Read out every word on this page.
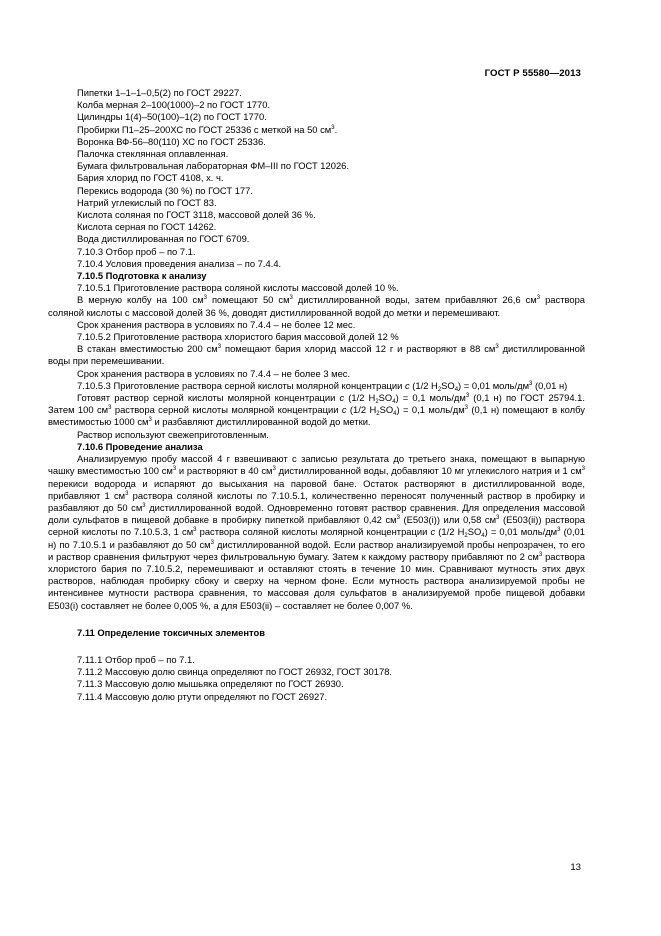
ГОСТ Р 55580—2013

Пипетки 1–1–1–0,5(2) по ГОСТ 29227.

Колба мерная 2–100(1000)–2 по ГОСТ 1770.

Цилиндры 1(4)–50(100)–1(2) по ГОСТ 1770.

Пробирки П1–25–200ХС по ГОСТ 25336 с меткой на 50 $см^3$.

Воронка ВФ-56–80(110) ХС по ГОСТ 25336.

Палочка стеклянная оплавленная.

Бумага фильтровальная лабораторная ФМ–III по ГОСТ 12026.

Бария хлорид по ГОСТ 4108, х. ч.

Перекись водорода (30 %) по ГОСТ 177.

Натрий углекислый по ГОСТ 83.

Кислота соляная по ГОСТ 3118, массовой долей 36 %.

Кислота серная по ГОСТ 14262.

Вода дистиллированная по ГОСТ 6709.

7.10.3 Отбор проб – по 7.1.

7.10.4 Условия проведения анализа – по 7.4.4.

7.10.5 Подготовка к анализу

7.10.5.1 Приготовление раствора соляной кислоты массовой долей 10 %.

В мерную колбу на 100 $см^3$ помещают 50 $см^3$ дистиллированной воды, затем прибавляют 26,6 $см^3$ раствора соляной кислоты с массовой долей 36 %, доводят дистиллированной водой до метки и перемешивают.

Срок хранения раствора в условиях по 7.4.4 – не более 12 мес.

7.10.5.2 Приготовление раствора хлористого бария массовой долей 12 %

В стакан вместимостью 200 $см^3$ помещают бария хлорид массой 12 г и растворяют в 88 $см^3$ дистиллированной воды при перемешивании.

Срок хранения раствора в условиях по 7.4.4 – не более 3 мес.

7.10.5.3 Приготовление раствора серной кислоты молярной концентрации с (1/2 $H_2SO_4) = 0,01$ моль/$дм^3$ (0,01 н)

Готовят раствор серной кислоты молярной концентрации с (1/2 $H_2SO_4) = 0,1$ моль/$дм^3$ (0,1 н) по ГОСТ 25794.1. Затем 100 $см^3$ раствора серной кислоты молярной концентрации с (1/2 $H_2SO_4) = 0,1$ моль/$дм^3$ (0,1 н) помещают в колбу вместимостью 1000 $см^3$ и разбавляют дистиллированной водой до метки.

Раствор используют свежеприготовленным.

7.10.6 Проведение анализа

Анализируемую пробу массой 4 г взвешивают с записью результата до третьего знака, помещают в выпарную чашку вместимостью 100 $см^3$ и растворяют в 40 $см^3$ дистиллированной воды, добавляют 10 мг углекислого натрия и 1 $см^3$ перекиси водорода и испаряют до высыхания на паровой бане. Остаток растворяют в дистиллированной воде, прибавляют 1 $см^3$ раствора соляной кислоты по 7.10.5.1, количественно переносят полученный раствор в пробирку и разбавляют до 50 $см^3$ дистиллированной водой. Одновременно готовят раствор сравнения. Для определения массовой доли сульфатов в пищевой добавке в пробирку пипеткой прибавляют 0,42 $см^3$ (E503(i)) или 0,58 $см^3$ (E503(ii)) раствора серной кислоты по 7.10.5.3, 1 $см^3$ раствора соляной кислоты молярной концентрации с (1/2 $H_2SO_4) = 0,01$ моль/$дм^3$ (0,01 н) по 7.10.5.1 и разбавляют до 50 $см^3$ дистиллированной водой. Если раствор анализируемой пробы непрозрачен, то его и раствор сравнения фильтруют через фильтровальную бумагу. Затем к каждому раствору прибавляют по 2 $см^3$ раствора хлористого бария по 7.10.5.2, перемешивают и оставляют стоять в течение 10 мин. Сравнивают мутность этих двух растворов, наблюдая пробирку сбоку и сверху на черном фоне. Если мутность раствора анализируемой пробы не интенсивнее мутности раствора сравнения, то массовая доля сульфатов в анализируемой пробе пищевой добавки E503(i) составляет не более 0,005 %, а для E503(ii) – составляет не более 0,007 %.

7.11 Определение токсичных элементов

7.11.1 Отбор проб – по 7.1.

7.11.2 Массовую долю свинца определяют по ГОСТ 26932, ГОСТ 30178.

7.11.3 Массовую долю мышьяка определяют по ГОСТ 26930.

7.11.4 Массовую долю ртути определяют по ГОСТ 26927.

13
